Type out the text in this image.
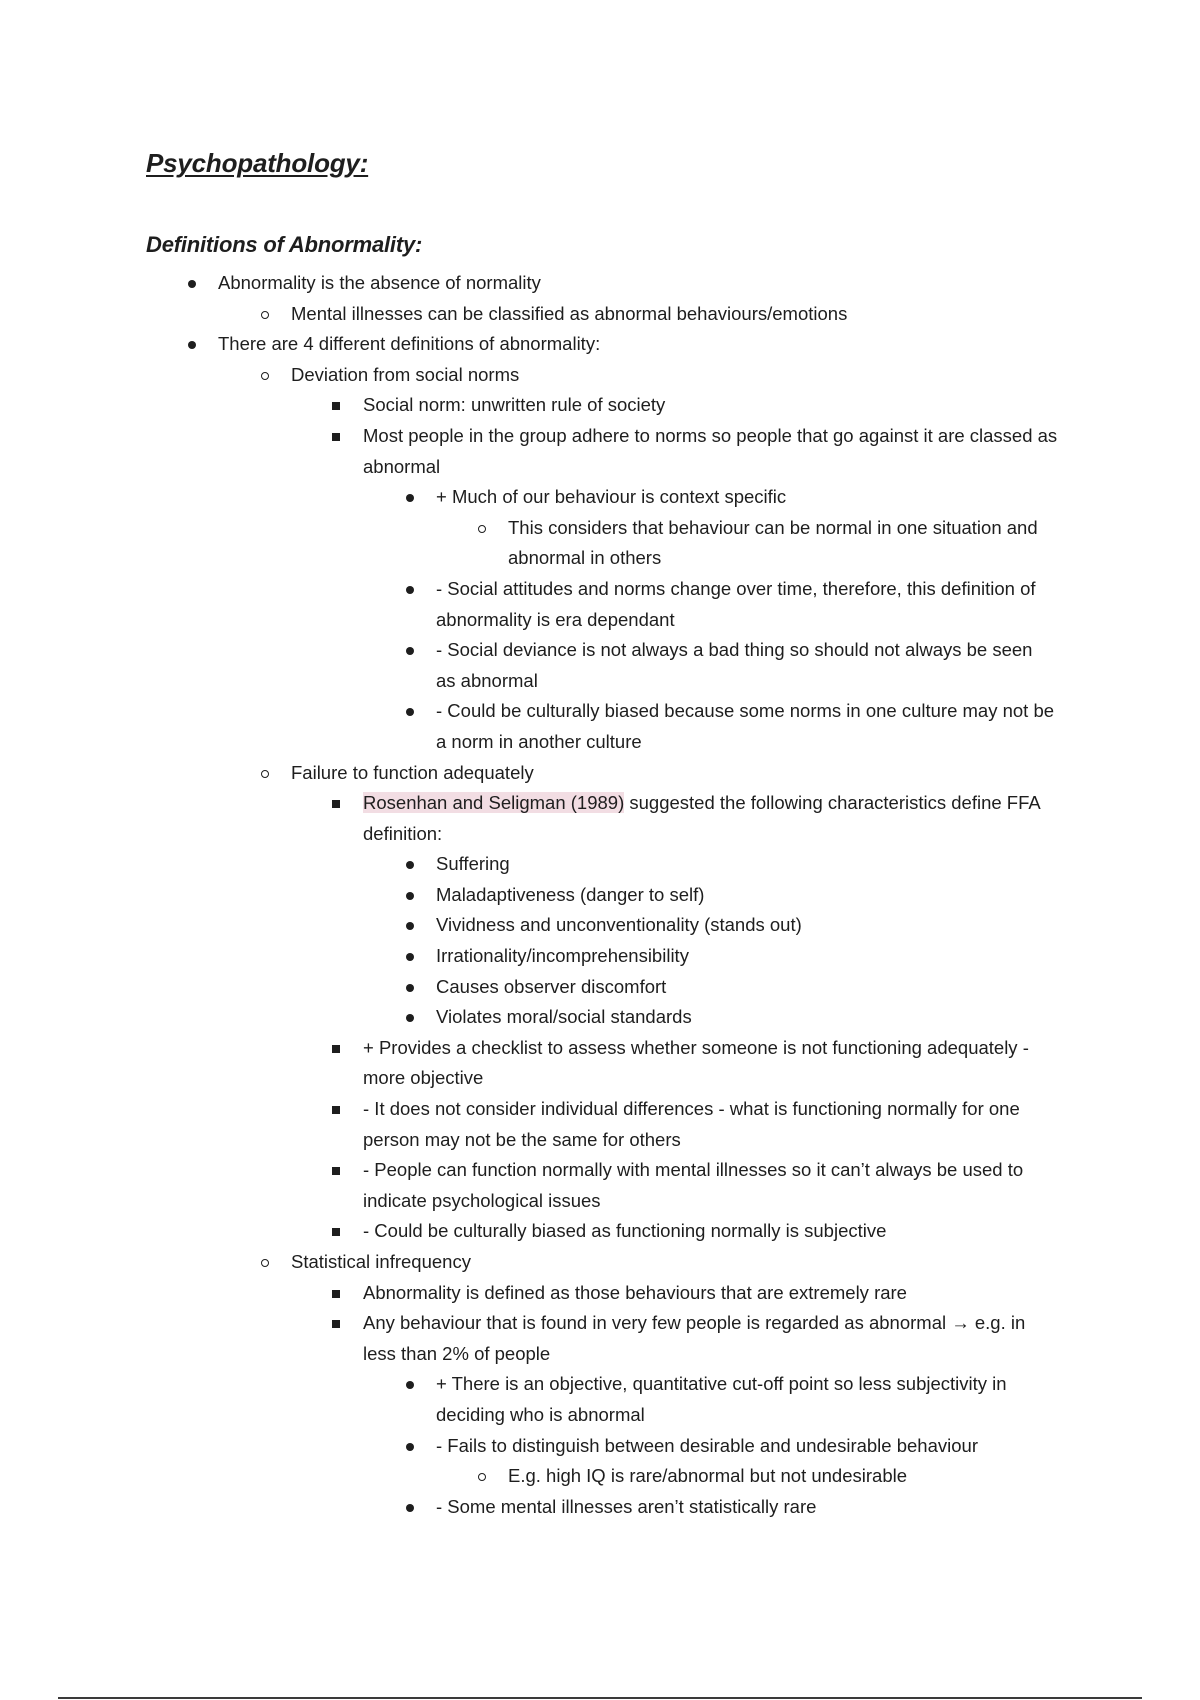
Psychopathology:
Definitions of Abnormality:
Abnormality is the absence of normality
Mental illnesses can be classified as abnormal behaviours/emotions
There are 4 different definitions of abnormality:
Deviation from social norms
Social norm: unwritten rule of society
Most people in the group adhere to norms so people that go against it are classed as abnormal
+ Much of our behaviour is context specific
This considers that behaviour can be normal in one situation and abnormal in others
- Social attitudes and norms change over time, therefore, this definition of abnormality is era dependant
- Social deviance is not always a bad thing so should not always be seen as abnormal
- Could be culturally biased because some norms in one culture may not be a norm in another culture
Failure to function adequately
Rosenhan and Seligman (1989) suggested the following characteristics define FFA definition:
Suffering
Maladaptiveness (danger to self)
Vividness and unconventionality (stands out)
Irrationality/incomprehensibility
Causes observer discomfort
Violates moral/social standards
+ Provides a checklist to assess whether someone is not functioning adequately - more objective
- It does not consider individual differences - what is functioning normally for one person may not be the same for others
- People can function normally with mental illnesses so it can’t always be used to indicate psychological issues
- Could be culturally biased as functioning normally is subjective
Statistical infrequency
Abnormality is defined as those behaviours that are extremely rare
Any behaviour that is found in very few people is regarded as abnormal → e.g. in less than 2% of people
+ There is an objective, quantitative cut-off point so less subjectivity in deciding who is abnormal
- Fails to distinguish between desirable and undesirable behaviour
E.g. high IQ is rare/abnormal but not undesirable
- Some mental illnesses aren’t statistically rare
